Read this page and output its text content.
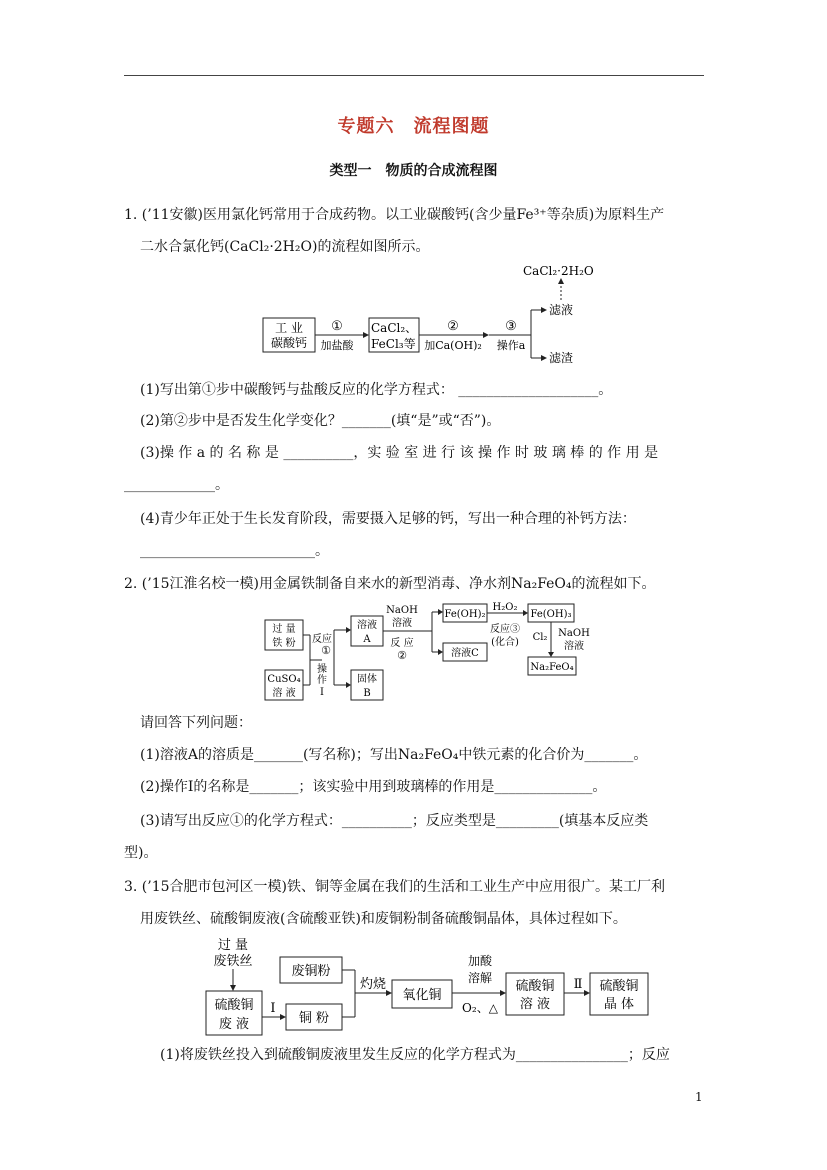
专题六　流程图题
类型一　物质的合成流程图
1. (’11安徽)医用氯化钙常用于合成药物。以工业碳酸钙(含少量Fe³⁺等杂质)为原料生产
二水合氯化钙(CaCl₂·2H₂O)的流程如图所示。
工 业
碳酸钙
①
加盐酸
CaCl₂、
FeCl₃等
②
加Ca(OH)₂
③
操作a
滤液
滤渣
CaCl₂·2H₂O
(1)写出第①步中碳酸钙与盐酸反应的化学方程式： ____________________。
(2)第②步中是否发生化学变化？_______(填“是”或“否”)。
(3)操 作 a 的 名 称 是 __________，实 验 室 进 行 该 操 作 时 玻 璃 棒 的 作 用 是
_____________。
(4)青少年正处于生长发育阶段，需要摄入足够的钙，写出一种合理的补钙方法：
_________________________。
2. (’15江淮名校一模)用金属铁制备自来水的新型消毒、净水剂Na₂FeO₄的流程如下。
过 量
铁 粉
CuSO₄
溶 液
反应
①
操
作
Ⅰ
溶液
A
固体
B
NaOH
溶液
反 应
②
Fe(OH)₂
溶液C
H₂O₂
反应③
(化合)
Fe(OH)₃
Cl₂ NaOH
溶液
Na₂FeO₄
请回答下列问题：
(1)溶液A的溶质是_______(写名称)；写出Na₂FeO₄中铁元素的化合价为_______。
(2)操作Ⅰ的名称是_______；该实验中用到玻璃棒的作用是______________。
(3)请写出反应①的化学方程式：__________；反应类型是_________(填基本反应类
型)。
3. (’15合肥市包河区一模)铁、铜等金属在我们的生活和工业生产中应用很广。某工厂利
用废铁丝、硫酸铜废液(含硫酸亚铁)和废铜粉制备硫酸铜晶体，具体过程如下。
过 量
废铁丝
硫酸铜
废 液
Ⅰ
废铜粉
铜 粉
灼烧
氧化铜
加酸
溶解
O₂、△
硫酸铜
溶 液
Ⅱ 硫酸铜
晶 体
(1)将废铁丝投入到硫酸铜废液里发生反应的化学方程式为________________；反应
1
